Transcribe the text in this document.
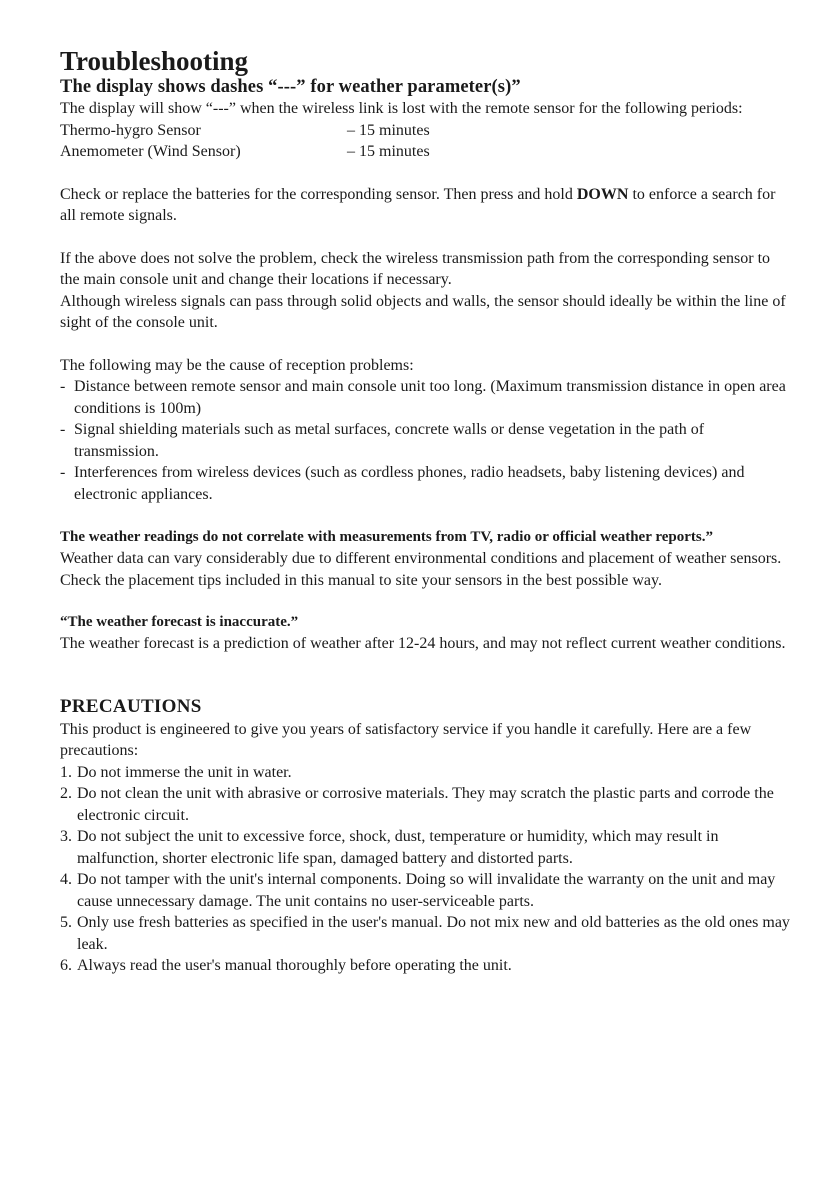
Troubleshooting
The display shows dashes “---” for weather parameter(s)”

The display will show “---” when the wireless link is lost with the remote sensor for the following periods:

Thermo-hygro Sensor	– 15 minutes

Anemometer (Wind Sensor)	– 15 minutes

Check or replace the batteries for the corresponding sensor. Then press and hold DOWN to enforce a search for all remote signals.

If the above does not solve the problem, check the wireless transmission path from the corresponding sensor to the main console unit and change their locations if necessary.

Although wireless signals can pass through solid objects and walls, the sensor should ideally be within the line of sight of the console unit.

The following may be the cause of reception problems:

- Distance between remote sensor and main console unit too long. (Maximum transmission distance in open area conditions is 100m)
- Signal shielding materials such as metal surfaces, concrete walls or dense vegetation in the path of transmission.
- Interferences from wireless devices (such as cordless phones, radio headsets, baby listening devices) and electronic appliances.
The weather readings do not correlate with measurements from TV, radio or official weather reports.”

Weather data can vary considerably due to different environmental conditions and placement of weather sensors.

Check the placement tips included in this manual to site your sensors in the best possible way.

“The weather forecast is inaccurate.”

The weather forecast is a prediction of weather after 12-24 hours, and may not reflect current weather conditions.

PRECAUTIONS

This product is engineered to give you years of satisfactory service if you handle it carefully. Here are a few precautions:

1. Do not immerse the unit in water.
2. Do not clean the unit with abrasive or corrosive materials. They may scratch the plastic parts and corrode the electronic circuit.
3. Do not subject the unit to excessive force, shock, dust, temperature or humidity, which may result in malfunction, shorter electronic life span, damaged battery and distorted parts.
4. Do not tamper with the unit's internal components. Doing so will invalidate the warranty on the unit and may cause unnecessary damage. The unit contains no user-serviceable parts.
5. Only use fresh batteries as specified in the user's manual. Do not mix new and old batteries as the old ones may leak.
6. Always read the user's manual thoroughly before operating the unit.
